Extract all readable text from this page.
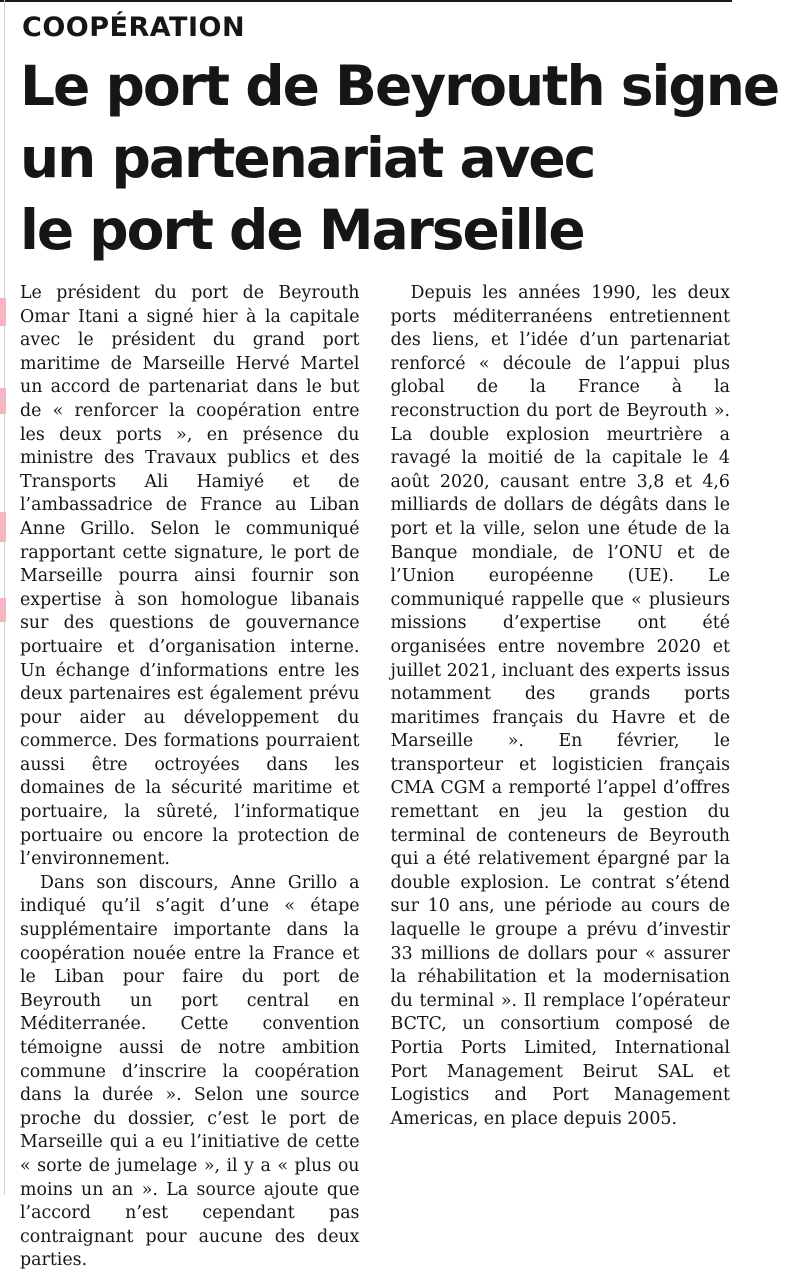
COOPÉRATION
Le port de Beyrouth signe
un partenariat avec
le port de Marseille

Le président du port de Beyrouth Omar Itani a signé hier à la capitale avec le président du grand port maritime de Marseille Hervé Martel un accord de partenariat dans le but de « renforcer la coopération entre les deux ports », en présence du ministre des Travaux publics et des Transports Ali Hamiyé et de l’ambassadrice de France au Liban Anne Grillo. Selon le communiqué rapportant cette signature, le port de Marseille pourra ainsi fournir son expertise à son homologue libanais sur des questions de gouvernance portuaire et d’organisation interne. Un échange d’informations entre les deux partenaires est également prévu pour aider au développement du commerce. Des formations pourraient aussi être octroyées dans les domaines de la sécurité maritime et portuaire, la sûreté, l’informatique portuaire ou encore la protection de l’environnement.

Dans son discours, Anne Grillo a indiqué qu’il s’agit d’une « étape supplémentaire importante dans la coopération nouée entre la France et le Liban pour faire du port de Beyrouth un port central en Méditerranée. Cette convention témoigne aussi de notre ambition commune d’inscrire la coopération dans la durée ». Selon une source proche du dossier, c’est le port de Marseille qui a eu l’initiative de cette « sorte de jumelage », il y a « plus ou moins un an ». La source ajoute que l’accord n’est cependant pas contraignant pour aucune des deux parties.

Depuis les années 1990, les deux ports méditerranéens entretiennent des liens, et l’idée d’un partenariat renforcé « découle de l’appui plus global de la France à la reconstruction du port de Beyrouth ». La double explosion meurtrière a ravagé la moitié de la capitale le 4 août 2020, causant entre 3,8 et 4,6 milliards de dollars de dégâts dans le port et la ville, selon une étude de la Banque mondiale, de l’ONU et de l’Union européenne (UE). Le communiqué rappelle que « plusieurs missions d’expertise ont été organisées entre novembre 2020 et juillet 2021, incluant des experts issus notamment des grands ports maritimes français du Havre et de Marseille ». En février, le transporteur et logisticien français CMA CGM a remporté l’appel d’offres remettant en jeu la gestion du terminal de conteneurs de Beyrouth qui a été relativement épargné par la double explosion. Le contrat s’étend sur 10 ans, une période au cours de laquelle le groupe a prévu d’investir 33 millions de dollars pour « assurer la réhabilitation et la modernisation du terminal ». Il remplace l’opérateur BCTC, un consortium composé de Portia Ports Limited, International Port Management Beirut SAL et Logistics and Port Management Americas, en place depuis 2005.
